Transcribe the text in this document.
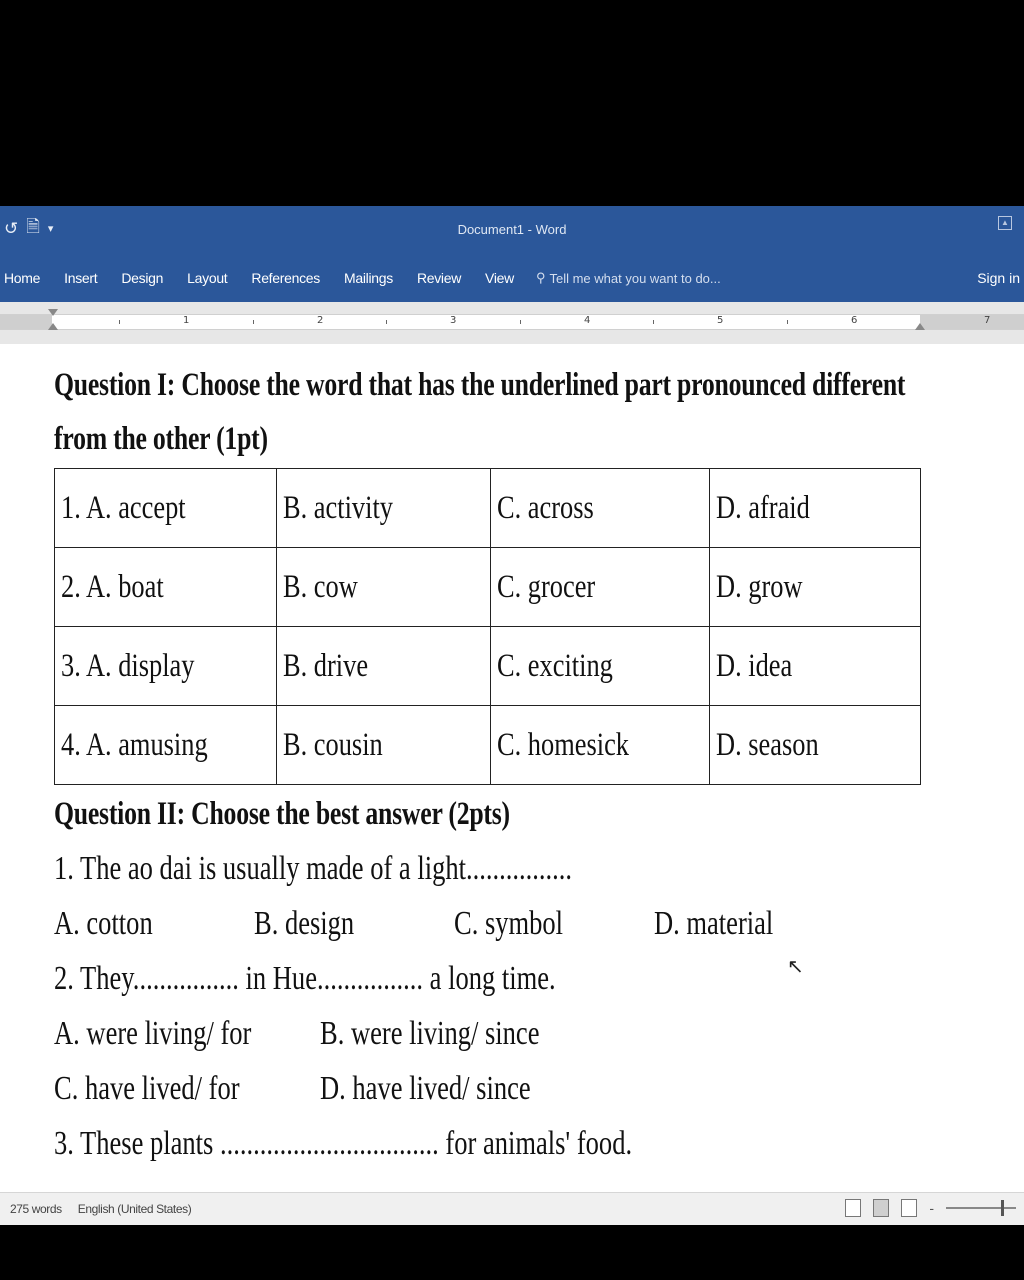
↺ 🗎 ▾	Document1 - Word	▲
Home Insert Design Layout References Mailings Review View ⚲ Tell me what you want to do...	Sign in
1	2	3	4	5	6	7
Question I: Choose the word that has the underlined part pronounced different
from the other (1pt)
1. A. accept	B. activity	C. across	D. afraid
2. A. boat	B. cow	C. grocer	D. grow
3. A. display	B. drive	C. exciting	D. idea
4. A. amusing	B. cousin	C. homesick	D. season
Question II: Choose the best answer (2pts)
1. The ao dai is usually made of a light................
A. cotton	B. design	C. symbol	D. material
2. They................ in Hue................ a long time.
A. were living/ for B. were living/ since
C. have lived/ for D. have lived/ since
3. These plants ................................. for animals' food.
275 words English (United States)	-
↖
